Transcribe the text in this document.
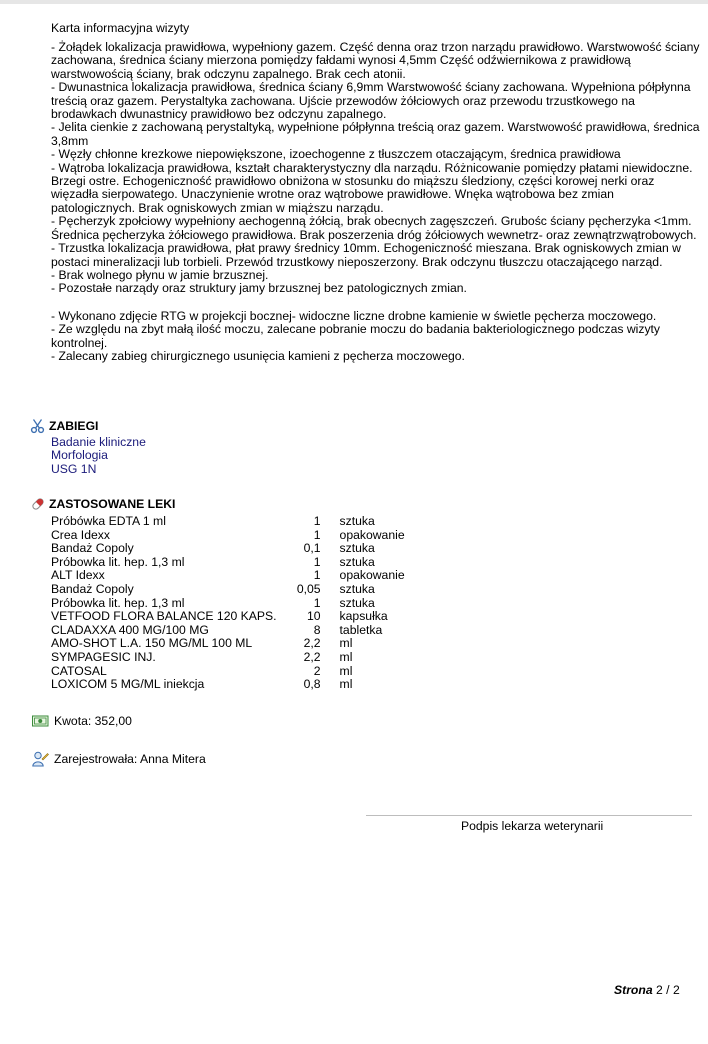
Karta informacyjna wizyty
- Żołądek lokalizacja prawidłowa, wypełniony gazem. Część denna oraz trzon narządu prawidłowo. Warstwowość ściany zachowana, średnica ściany mierzona pomiędzy fałdami wynosi 4,5mm Część odźwiernikowa z prawidłową warstwowością ściany, brak odczynu zapalnego. Brak cech atonii.
- Dwunastnica lokalizacja prawidłowa, średnica ściany 6,9mm Warstwowość ściany zachowana. Wypełniona półpłynna treścią oraz gazem. Perystaltyka zachowana. Ujście przewodów żółciowych oraz przewodu trzustkowego na brodawkach dwunastnicy prawidłowo bez odczynu zapalnego.
- Jelita cienkie z zachowaną perystaltyką, wypełnione półpłynna treścią oraz gazem. Warstwowość prawidłowa, średnica 3,8mm
- Węzły chłonne krezkowe niepowiększone, izoechogenne z tłuszczem otaczającym, średnica prawidłowa
- Wątroba lokalizacja prawidłowa, kształt charakterystyczny dla narządu. Różnicowanie pomiędzy płatami niewidoczne. Brzegi ostre. Echogeniczność prawidłowo obniżona w stosunku do miąższu śledziony, części korowej nerki oraz więzadła sierpowatego. Unaczynienie wrotne oraz wątrobowe prawidłowe. Wnęka wątrobowa bez zmian patologicznych. Brak ogniskowych zmian w miąższu narządu.
- Pęcherzyk zpołciowy wypełniony aechogenną żółcią, brak obecnych zagęszczeń. Grubośc ściany pęcherzyka <1mm. Średnica pęcherzyka żółciowego prawidłowa. Brak poszerzenia dróg żółciowych wewnetrz- oraz zewnątrzwątrobowych.
- Trzustka lokalizacja prawidłowa, płat prawy średnicy 10mm. Echogeniczność mieszana. Brak ogniskowych zmian w postaci mineralizacji lub torbieli. Przewód trzustkowy nieposzerzony. Brak odczynu tłuszczu otaczającego narząd.
- Brak wolnego płynu w jamie brzusznej.
- Pozostałe narządy oraz struktury jamy brzusznej bez patologicznych zmian.
- Wykonano zdjęcie RTG w projekcji bocznej- widoczne liczne drobne kamienie w świetle pęcherza moczowego.
- Ze względu na zbyt małą ilość moczu, zalecane pobranie moczu do badania bakteriologicznego podczas wizyty kontrolnej.
- Zalecany zabieg chirurgicznego usunięcia kamieni z pęcherza moczowego.
ZABIEGI
Badanie kliniczne
Morfologia
USG 1N
ZASTOSOWANE LEKI
Próbówka EDTA 1 ml	1	sztuka
Crea Idexx	1	opakowanie
Bandaż Copoly	0,1	sztuka
Próbowka lit. hep. 1,3 ml	1	sztuka
ALT Idexx	1	opakowanie
Bandaż Copoly	0,05	sztuka
Próbowka lit. hep. 1,3 ml	1	sztuka
VETFOOD FLORA BALANCE 120 KAPS.	10	kapsułka
CLADAXXA 400 MG/100 MG	8	tabletka
AMO-SHOT L.A. 150 MG/ML 100 ML	2,2	ml
SYMPAGESIC INJ.	2,2	ml
CATOSAL	2	ml
LOXICOM 5 MG/ML iniekcja	0,8	ml
Kwota: 352,00
Zarejestrowała: Anna Mitera
Podpis lekarza weterynarii
Strona 2 / 2
